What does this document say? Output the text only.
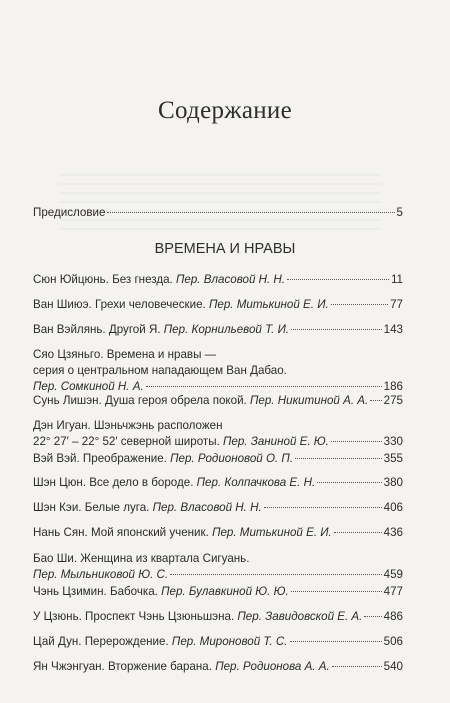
Содержание
Предисловие	5
ВРЕМЕНА И НРАВЫ
Сюн Юйцюнь. Без гнезда. Пер. Власовой Н. Н.	11
Ван Шиюэ. Грехи человеческие. Пер. Митькиной Е. И.	77
Ван Вэйлянь. Другой Я. Пер. Корнильевой Т. И.	143
Сяо Цзяньго. Времена и нравы —
серия о центральном нападающем Ван Дабао.
Пер. Сомкиной Н. А.	186
Сунь Лишэн. Душа героя обрела покой. Пер. Никитиной А. А. 275
Дэн Игуан. Шэньчжэнь расположен
22° 27′ – 22° 52′ северной широты. Пер. Заниной Е. Ю.	330
Вэй Вэй. Преображение. Пер. Родионовой О. П.	355
Шэн Цюн. Все дело в бороде. Пер. Колпачкова Е. Н.	380
Шэн Кэи. Белые луга. Пер. Власовой Н. Н.	406
Нань Сян. Мой японский ученик. Пер. Митькиной Е. И.	436
Бао Ши. Женщина из квартала Сигуань.
Пер. Мыльниковой Ю. С.	459
Чэнь Цзимин. Бабочка. Пер. Булавкиной Ю. Ю.	477
У Цзюнь. Проспект Чэнь Цзюньшэна. Пер. Завидовской Е. А. 486
Цай Дун. Перерождение. Пер. Мироновой Т. С.	506
Ян Чжэнгуан. Вторжение барана. Пер. Родионова А. А.	540
